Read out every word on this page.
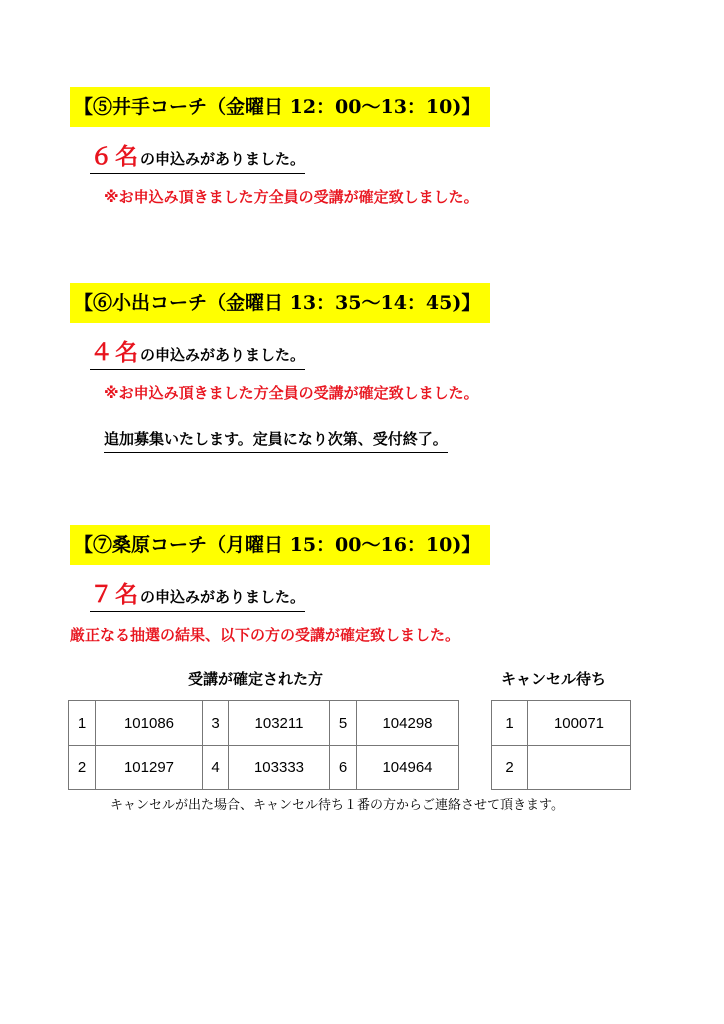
【⑤井手コーチ（金曜日 12：00〜13：10)】
６名の申込みがありました。
※お申込み頂きました方全員の受講が確定致しました。
【⑥小出コーチ（金曜日 13：35〜14：45)】
４名の申込みがありました。
※お申込み頂きました方全員の受講が確定致しました。
追加募集いたします。定員になり次第、受付終了。
【⑦桑原コーチ（月曜日 15：00〜16：10)】
７名の申込みがありました。
厳正なる抽選の結果、以下の方の受講が確定致しました。
受講が確定された方	キャンセル待ち
1	101086	3	103211	5	104298
2	101297	4	103333	6	104964
1	100071
2	
キャンセルが出た場合、キャンセル待ち１番の方からご連絡させて頂きます。
